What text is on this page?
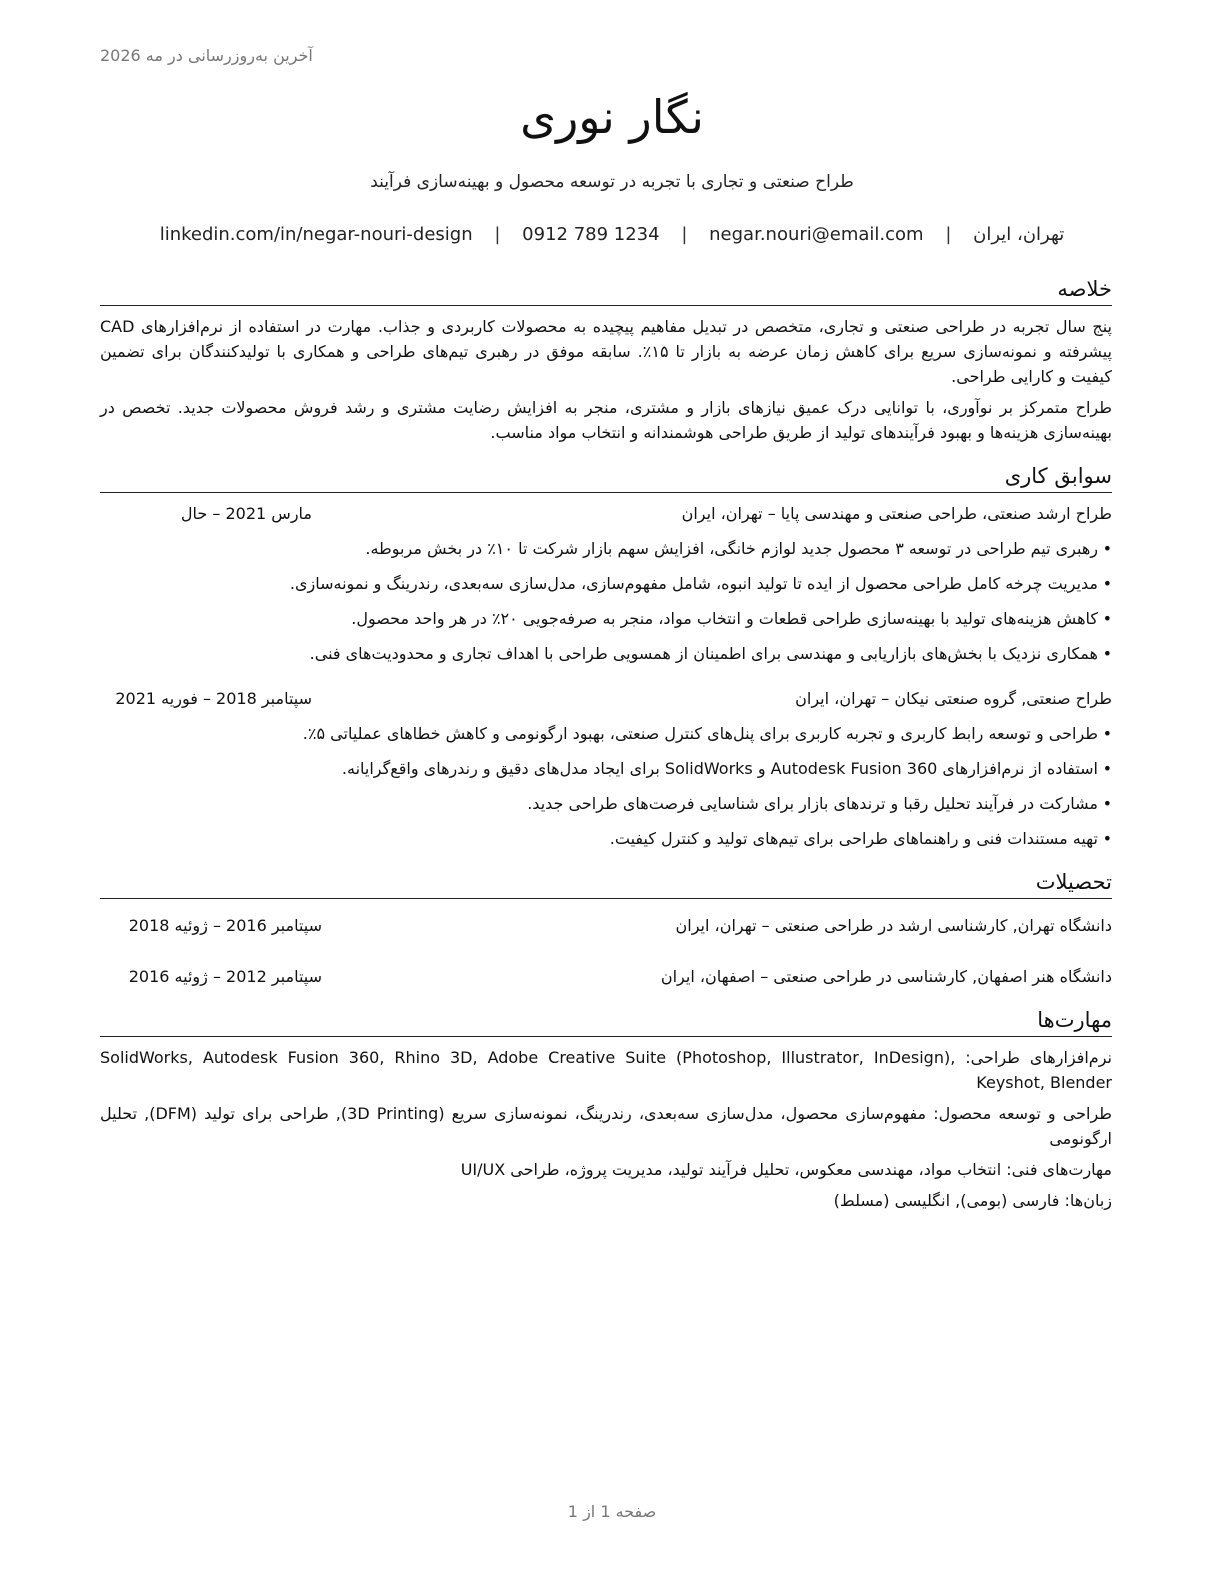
آخرین به‌روزرسانی در مه 2026
نگار نوری
طراح صنعتی و تجاری با تجربه در توسعه محصول و بهینه‌سازی فرآیند
تهران، ایران | negar.nouri@email.com | 0912 789 1234 | linkedin.com/in/negar-nouri-design
خلاصه

پنج سال تجربه در طراحی صنعتی و تجاری، متخصص در تبدیل مفاهیم پیچیده به محصولات کاربردی و جذاب. مهارت در استفاده از نرم‌افزارهای CAD پیشرفته و نمونه‌سازی سریع برای کاهش زمان عرضه به بازار تا ۱۵٪. سابقه موفق در رهبری تیم‌های طراحی و همکاری با تولیدکنندگان برای تضمین کیفیت و کارایی طراحی.

طراح متمرکز بر نوآوری، با توانایی درک عمیق نیازهای بازار و مشتری، منجر به افزایش رضایت مشتری و رشد فروش محصولات جدید. تخصص در بهینه‌سازی هزینه‌ها و بهبود فرآیندهای تولید از طریق طراحی هوشمندانه و انتخاب مواد مناسب.

سوابق کاری
طراح ارشد صنعتی، طراحی صنعتی و مهندسی پایا – تهران، ایران
مارس 2021 – حال
• رهبری تیم طراحی در توسعه ۳ محصول جدید لوازم خانگی، افزایش سهم بازار شرکت تا ۱۰٪ در بخش مربوطه.
• مدیریت چرخه کامل طراحی محصول از ایده تا تولید انبوه، شامل مفهوم‌سازی، مدل‌سازی سه‌بعدی، رندرینگ و نمونه‌سازی.
• کاهش هزینه‌های تولید با بهینه‌سازی طراحی قطعات و انتخاب مواد، منجر به صرفه‌جویی ۲۰٪ در هر واحد محصول.
• همکاری نزدیک با بخش‌های بازاریابی و مهندسی برای اطمینان از همسویی طراحی با اهداف تجاری و محدودیت‌های فنی.
طراح صنعتی, گروه صنعتی نیکان – تهران، ایران
سپتامبر 2018 – فوریه 2021
• طراحی و توسعه رابط کاربری و تجربه کاربری برای پنل‌های کنترل صنعتی، بهبود ارگونومی و کاهش خطاهای عملیاتی ۵٪.
• استفاده از نرم‌افزارهای Autodesk Fusion 360 و SolidWorks برای ایجاد مدل‌های دقیق و رندرهای واقع‌گرایانه.
• مشارکت در فرآیند تحلیل رقبا و ترندهای بازار برای شناسایی فرصت‌های طراحی جدید.
• تهیه مستندات فنی و راهنماهای طراحی برای تیم‌های تولید و کنترل کیفیت.
تحصیلات
دانشگاه تهران, کارشناسی ارشد در طراحی صنعتی – تهران، ایران
سپتامبر 2016 – ژوئیه 2018
دانشگاه هنر اصفهان, کارشناسی در طراحی صنعتی – اصفهان، ایران
سپتامبر 2012 – ژوئیه 2016
مهارت‌ها
نرم‌افزارهای طراحی: SolidWorks, Autodesk Fusion 360, Rhino 3D, Adobe Creative Suite (Photoshop, Illustrator, InDesign), Keyshot, Blender
طراحی و توسعه محصول: مفهوم‌سازی محصول، مدل‌سازی سه‌بعدی، رندرینگ، نمونه‌سازی سریع (3D Printing), طراحی برای تولید (DFM), تحلیل ارگونومی
مهارت‌های فنی: انتخاب مواد، مهندسی معکوس، تحلیل فرآیند تولید، مدیریت پروژه، طراحی UI/UX
زبان‌ها: فارسی (بومی), انگلیسی (مسلط)
صفحه 1 از 1
